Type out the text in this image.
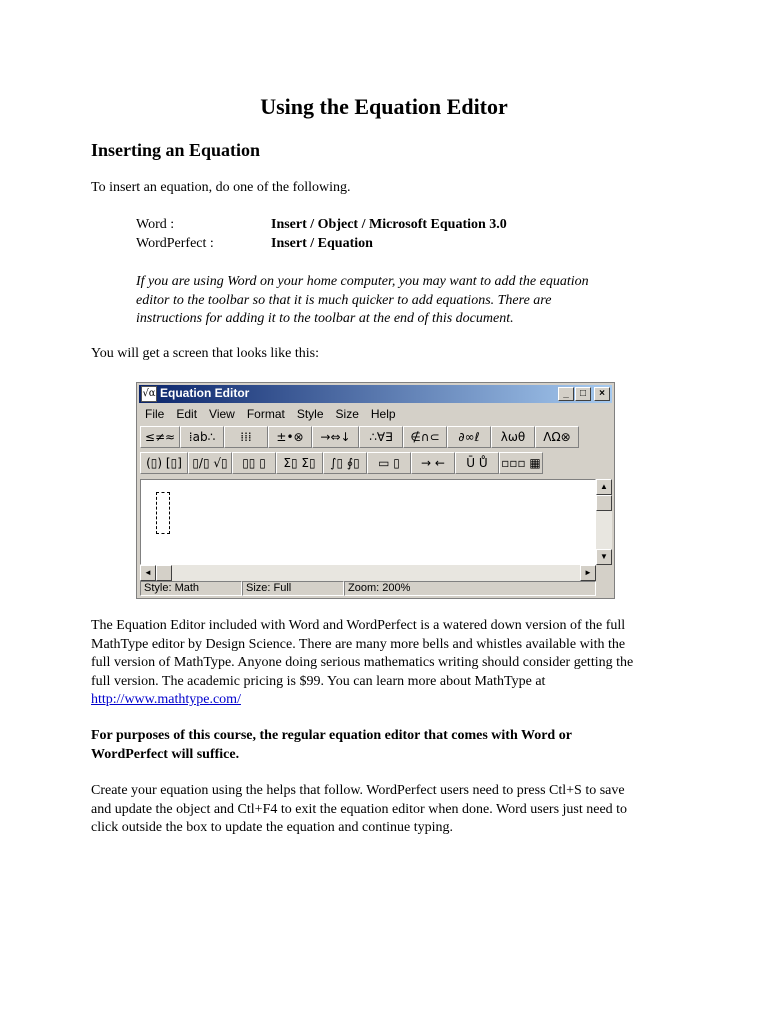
Using the Equation Editor
Inserting an Equation
To insert an equation, do one of the following.
Word :	Insert / Object / Microsoft Equation 3.0
WordPerfect :	Insert / Equation
If you are using Word on your home computer, you may want to add the equation
editor to the toolbar so that it is much quicker to add equations. There are
instructions for adding it to the toolbar at the end of this document.
You will get a screen that looks like this:
√α Equation Editor	_	□	×
File	Edit	View	Format	Style	Size	Help
≤≠≈	⁞ab∴	⁞⁞⁞	±•⊗	→⇔↓	∴∀∃	∉∩⊂	∂∞ℓ	λωθ	ΛΩ⊗
(▯) [▯] ▯/▯ √▯	▯▯ ▯	Σ▯ Σ▯	∫▯ ∮▯	▭ ▯	→ ←	Ū Ů	▫▫▫ ▦
▲
▼
◄	►
Style: Math	Size: Full	Zoom: 200%
The Equation Editor included with Word and WordPerfect is a watered down version of the full
MathType editor by Design Science. There are many more bells and whistles available with the
full version of MathType. Anyone doing serious mathematics writing should consider getting the
full version. The academic pricing is $99. You can learn more about MathType at
http://www.mathtype.com/
For purposes of this course, the regular equation editor that comes with Word or
WordPerfect will suffice.
Create your equation using the helps that follow. WordPerfect users need to press Ctl+S to save
and update the object and Ctl+F4 to exit the equation editor when done. Word users just need to
click outside the box to update the equation and continue typing.
